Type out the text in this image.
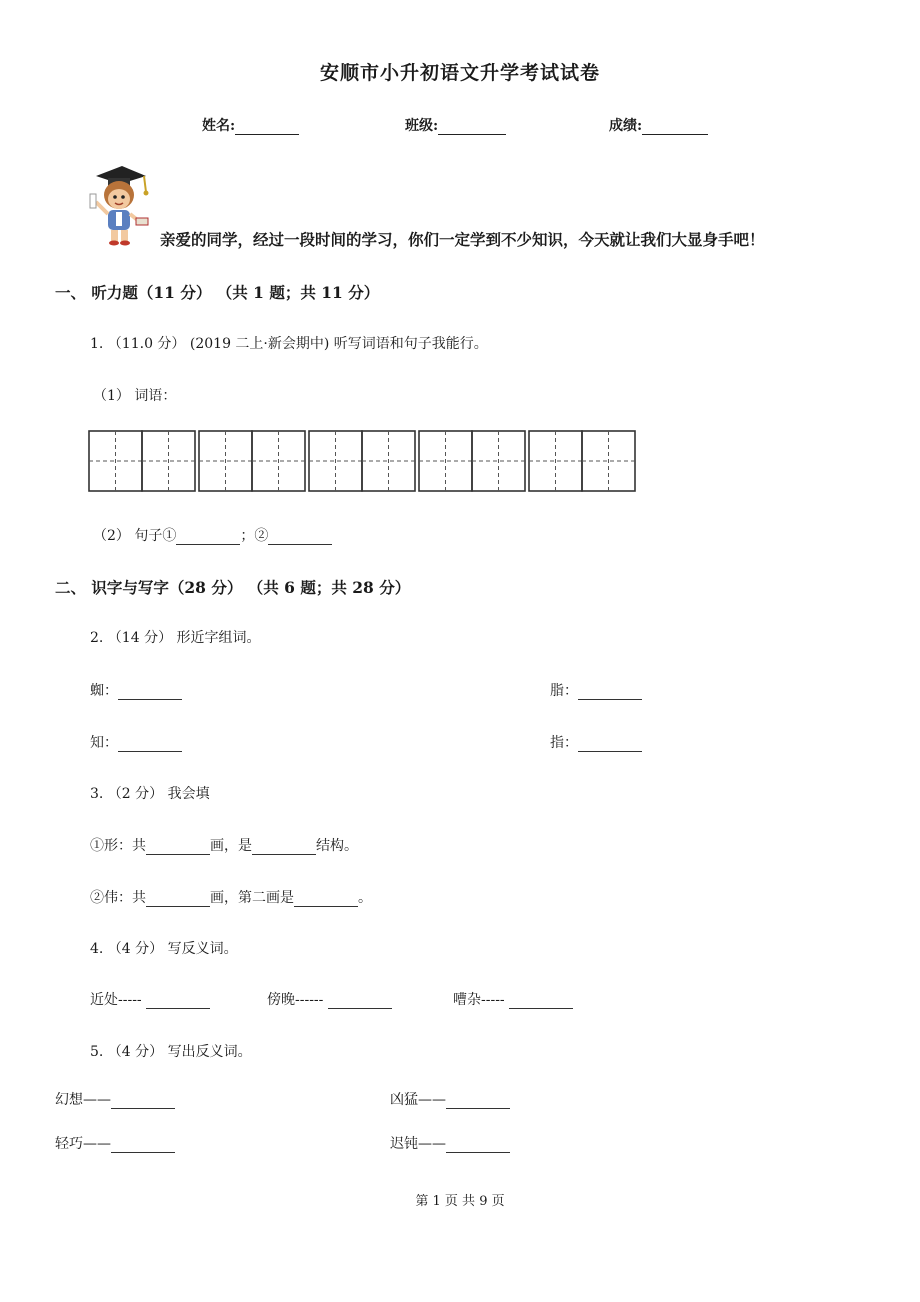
安顺市小升初语文升学考试试卷
姓名:	班级:	成绩:
亲爱的同学，经过一段时间的学习，你们一定学到不少知识，今天就让我们大显身手吧！
一、 听力题（11 分） （共 1 题；共 11 分）
1. （11.0 分） (2019 二上·新会期中) 听写词语和句子我能行。
（1） 词语：
（2） 句子①	；②
二、 识字与写字（28 分） （共 6 题；共 28 分）
2. （14 分） 形近字组词。
蜘：	脂：
知：	指：
3. （2 分） 我会填
①形：共	画，是	结构。
②伟：共	画，第二画是	。
4. （4 分） 写反义词。
近处-----	傍晚------	嘈杂-----
5. （4 分） 写出反义词。
幻想——	凶猛——
轻巧——	迟钝——
第 1 页 共 9 页
